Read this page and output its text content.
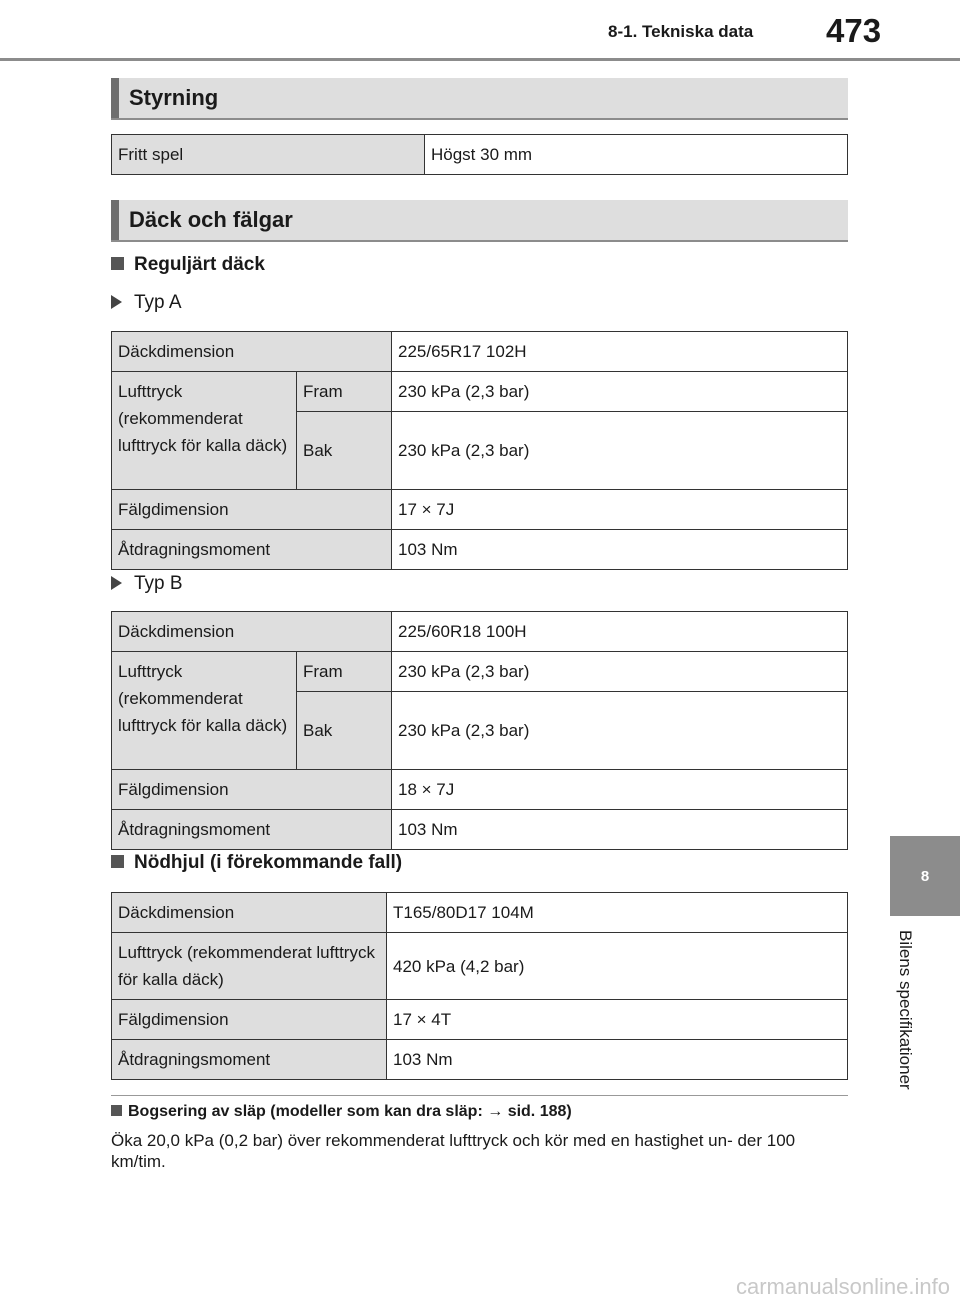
8-1. Tekniska data 473
8
Bilens specifikationer
Styrning
Fritt spel	Högst 30 mm
Däck och fälgar
Reguljärt däck
Typ A
Däckdimension		225/65R17 102H
Lufttryck (rekommenderat lufttryck för kalla däck)	Fram	230 kPa (2,3 bar)
	Bak	230 kPa (2,3 bar)
Fälgdimension		17 × 7J
Åtdragningsmoment		103 Nm
Typ B
Däckdimension		225/60R18 100H
Lufttryck (rekommenderat lufttryck för kalla däck)	Fram	230 kPa (2,3 bar)
	Bak	230 kPa (2,3 bar)
Fälgdimension		18 × 7J
Åtdragningsmoment		103 Nm
Nödhjul (i förekommande fall)
Däckdimension	T165/80D17 104M
Lufttryck (rekommenderat lufttryck för kalla däck)	420 kPa (4,2 bar)
Fälgdimension	17 × 4T
Åtdragningsmoment	103 Nm
Bogsering av släp (modeller som kan dra släp: → sid. 188)
Öka 20,0 kPa (0,2 bar) över rekommenderat lufttryck och kör med en hastighet un- der 100 km/tim.
carmanualsonline.info
